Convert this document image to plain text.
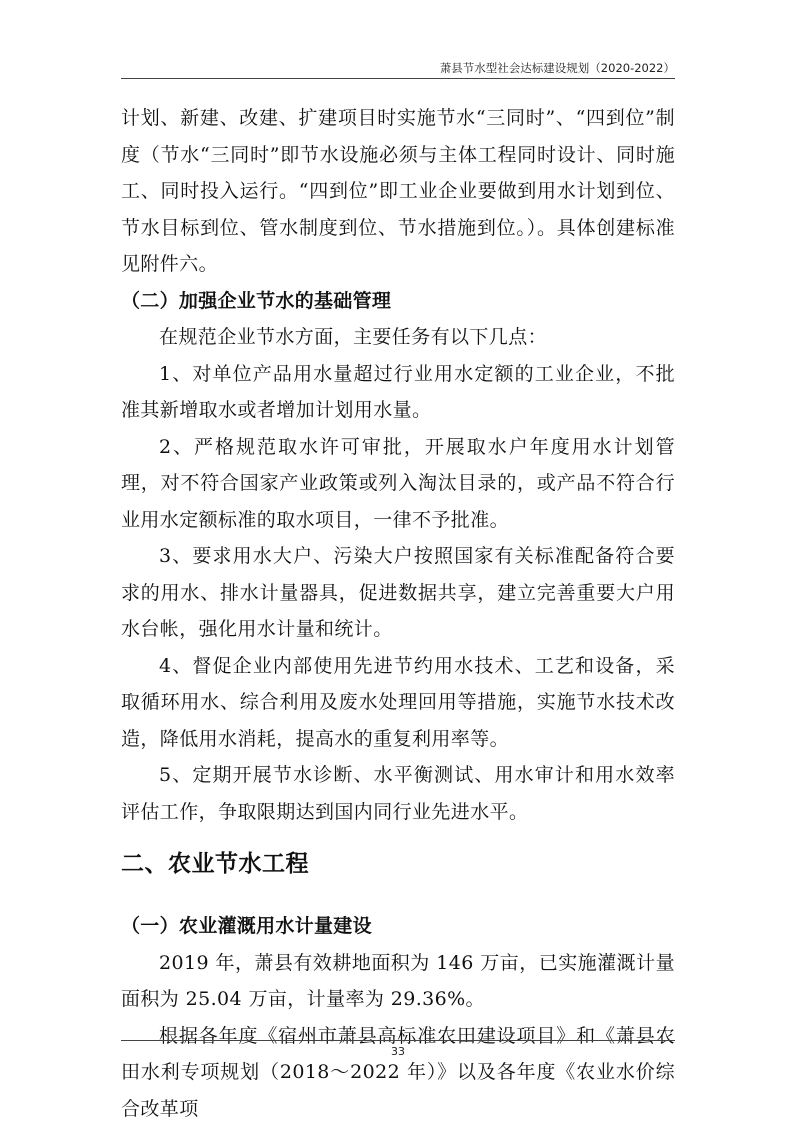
萧县节水型社会达标建设规划（2020-2022）

计划、新建、改建、扩建项目时实施节水“三同时”、“四到位”制度（节水“三同时”即节水设施必须与主体工程同时设计、同时施工、同时投入运行。“四到位”即工业企业要做到用水计划到位、节水目标到位、管水制度到位、节水措施到位。）。具体创建标准见附件六。

（二）加强企业节水的基础管理

在规范企业节水方面，主要任务有以下几点：

1、对单位产品用水量超过行业用水定额的工业企业，不批准其新增取水或者增加计划用水量。

2、严格规范取水许可审批，开展取水户年度用水计划管理，对不符合国家产业政策或列入淘汰目录的，或产品不符合行业用水定额标准的取水项目，一律不予批准。

3、要求用水大户、污染大户按照国家有关标准配备符合要求的用水、排水计量器具，促进数据共享，建立完善重要大户用水台帐，强化用水计量和统计。

4、督促企业内部使用先进节约用水技术、工艺和设备，采取循环用水、综合利用及废水处理回用等措施，实施节水技术改造，降低用水消耗，提高水的重复利用率等。

5、定期开展节水诊断、水平衡测试、用水审计和用水效率评估工作，争取限期达到国内同行业先进水平。

二、农业节水工程
（一）农业灌溉用水计量建设

2019 年，萧县有效耕地面积为 146 万亩，已实施灌溉计量面积为 25.04 万亩，计量率为 29.36%。

根据各年度《宿州市萧县高标准农田建设项目》和《萧县农田水利专项规划（2018～2022 年）》以及各年度《农业水价综合改革项

33
